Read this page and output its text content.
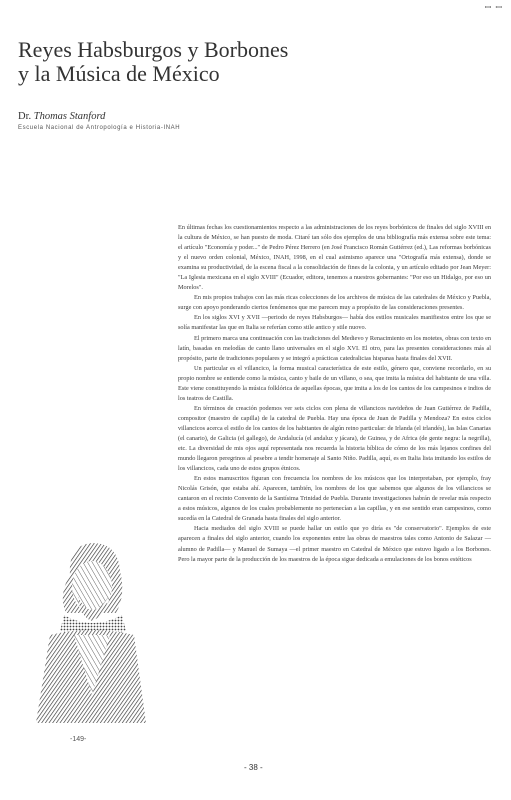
ꟷ ꟷ
Reyes Habsburgos y Borbones
y la Música de México
Dr. Thomas Stanford
Escuela Nacional de Antropología e Historia-INAH

En últimas fechas los cuestionamientos respecto a las administraciones de los reyes borbónicos de finales del siglo XVIII en la cultura de México, se han puesto de moda. Citaré tan sólo dos ejemplos de una bibliografía más extensa sobre este tema: el artículo "Economía y poder..." de Pedro Pérez Herrero (en José Francisco Román Gutiérrez (ed.), Las reformas borbónicas y el nuevo orden colonial, México, INAH, 1998, en el cual asimismo aparece una "Ortografía más extensa), donde se examina su productividad, de la escena fiscal a la consolidación de fines de la colonia, y un artículo editado por Jean Meyer: "La Iglesia mexicana en el siglo XVIII" (Ecuador, editora, tenemos a nuestros gobernantes: "Por eso un Hidalgo, por eso un Morelos".

En mis propios trabajos con las más ricas colecciones de los archivos de música de las catedrales de México y Puebla, surge con apoyo ponderando ciertos fenómenos que me parecen muy a propósito de las consideraciones presentes.

En los siglos XVI y XVII —periodo de reyes Habsburgos— había dos estilos musicales manifiestos entre los que se solía manifestar las que en Italia se referían como stile antico y stile nuovo.

El primero marca una continuación con las tradiciones del Medievo y Renacimiento en los motetes, obras con texto en latín, basadas en melodías de canto llano universales en el siglo XVI. El otro, para las presentes consideraciones más al propósito, parte de tradiciones populares y se integró a prácticas catedralicias hispanas hasta finales del XVII.

Un particular es el villancico, la forma musical característica de este estilo, género que, conviene recordarlo, en su propio nombre se entiende como la música, canto y baile de un villano, o sea, que imita la música del habitante de una villa. Este viene constituyendo la música folklórica de aquellas épocas, que imita a los de los cantos de los campesinos e indios de los teatros de Castilla.

En términos de creación podemos ver seis ciclos con plena de villancicos navideños de Juan Gutiérrez de Padilla, compositor (maestro de capilla) de la catedral de Puebla. Hay una época de Juan de Padilla y Mendoza? En estos ciclos villancicos acerca el estilo de los cantos de los habitantes de algún reino particular: de Irlanda (el irlandés), las Islas Canarias (el canario), de Galicia (el gallego), de Andalucía (el andaluz y jácara), de Guinea, y de Africa (de gente negra: la negrilla), etc. La diversidad de mis ojos aquí representada nos recuerda la historia bíblica de cómo de los más lejanos confines del mundo llegaron peregrinos al pesebre a tendir homenaje al Santo Niño. Padilla, aquí, es en Italia lista imitando los estilos de los villancicos, cada uno de estos grupos étnicos.

En estos manuscritos figuran con frecuencia los nombres de los músicos que los interpretaban, por ejemplo, fray Nicolás Grisón, que estaba ahí. Aparecen, también, los nombres de los que sabemos que algunos de los villancicos se cantaron en el recinto Convento de la Santísima Trinidad de Puebla. Durante investigaciones habrán de revelar más respecto a estos músicos, algunos de los cuales probablemente no pertenecían a las capillas, y en ese sentido eran campesinos, como sucedía en la Catedral de Granada hasta finales del siglo anterior.

Hacia mediados del siglo XVIII se puede hallar un estilo que yo diría es "de conservatorio". Ejemplos de este aparecen a finales del siglo anterior, cuando los exponentes entre las obras de maestros tales como Antonio de Salazar —alumno de Padilla— y Manuel de Sumaya —el primer maestro en Catedral de México que estuvo ligado a los Borbones. Pero la mayor parte de la producción de los maestros de la época sigue dedicada a emulaciones de los bonos estéticos

-149-
- 38 -
